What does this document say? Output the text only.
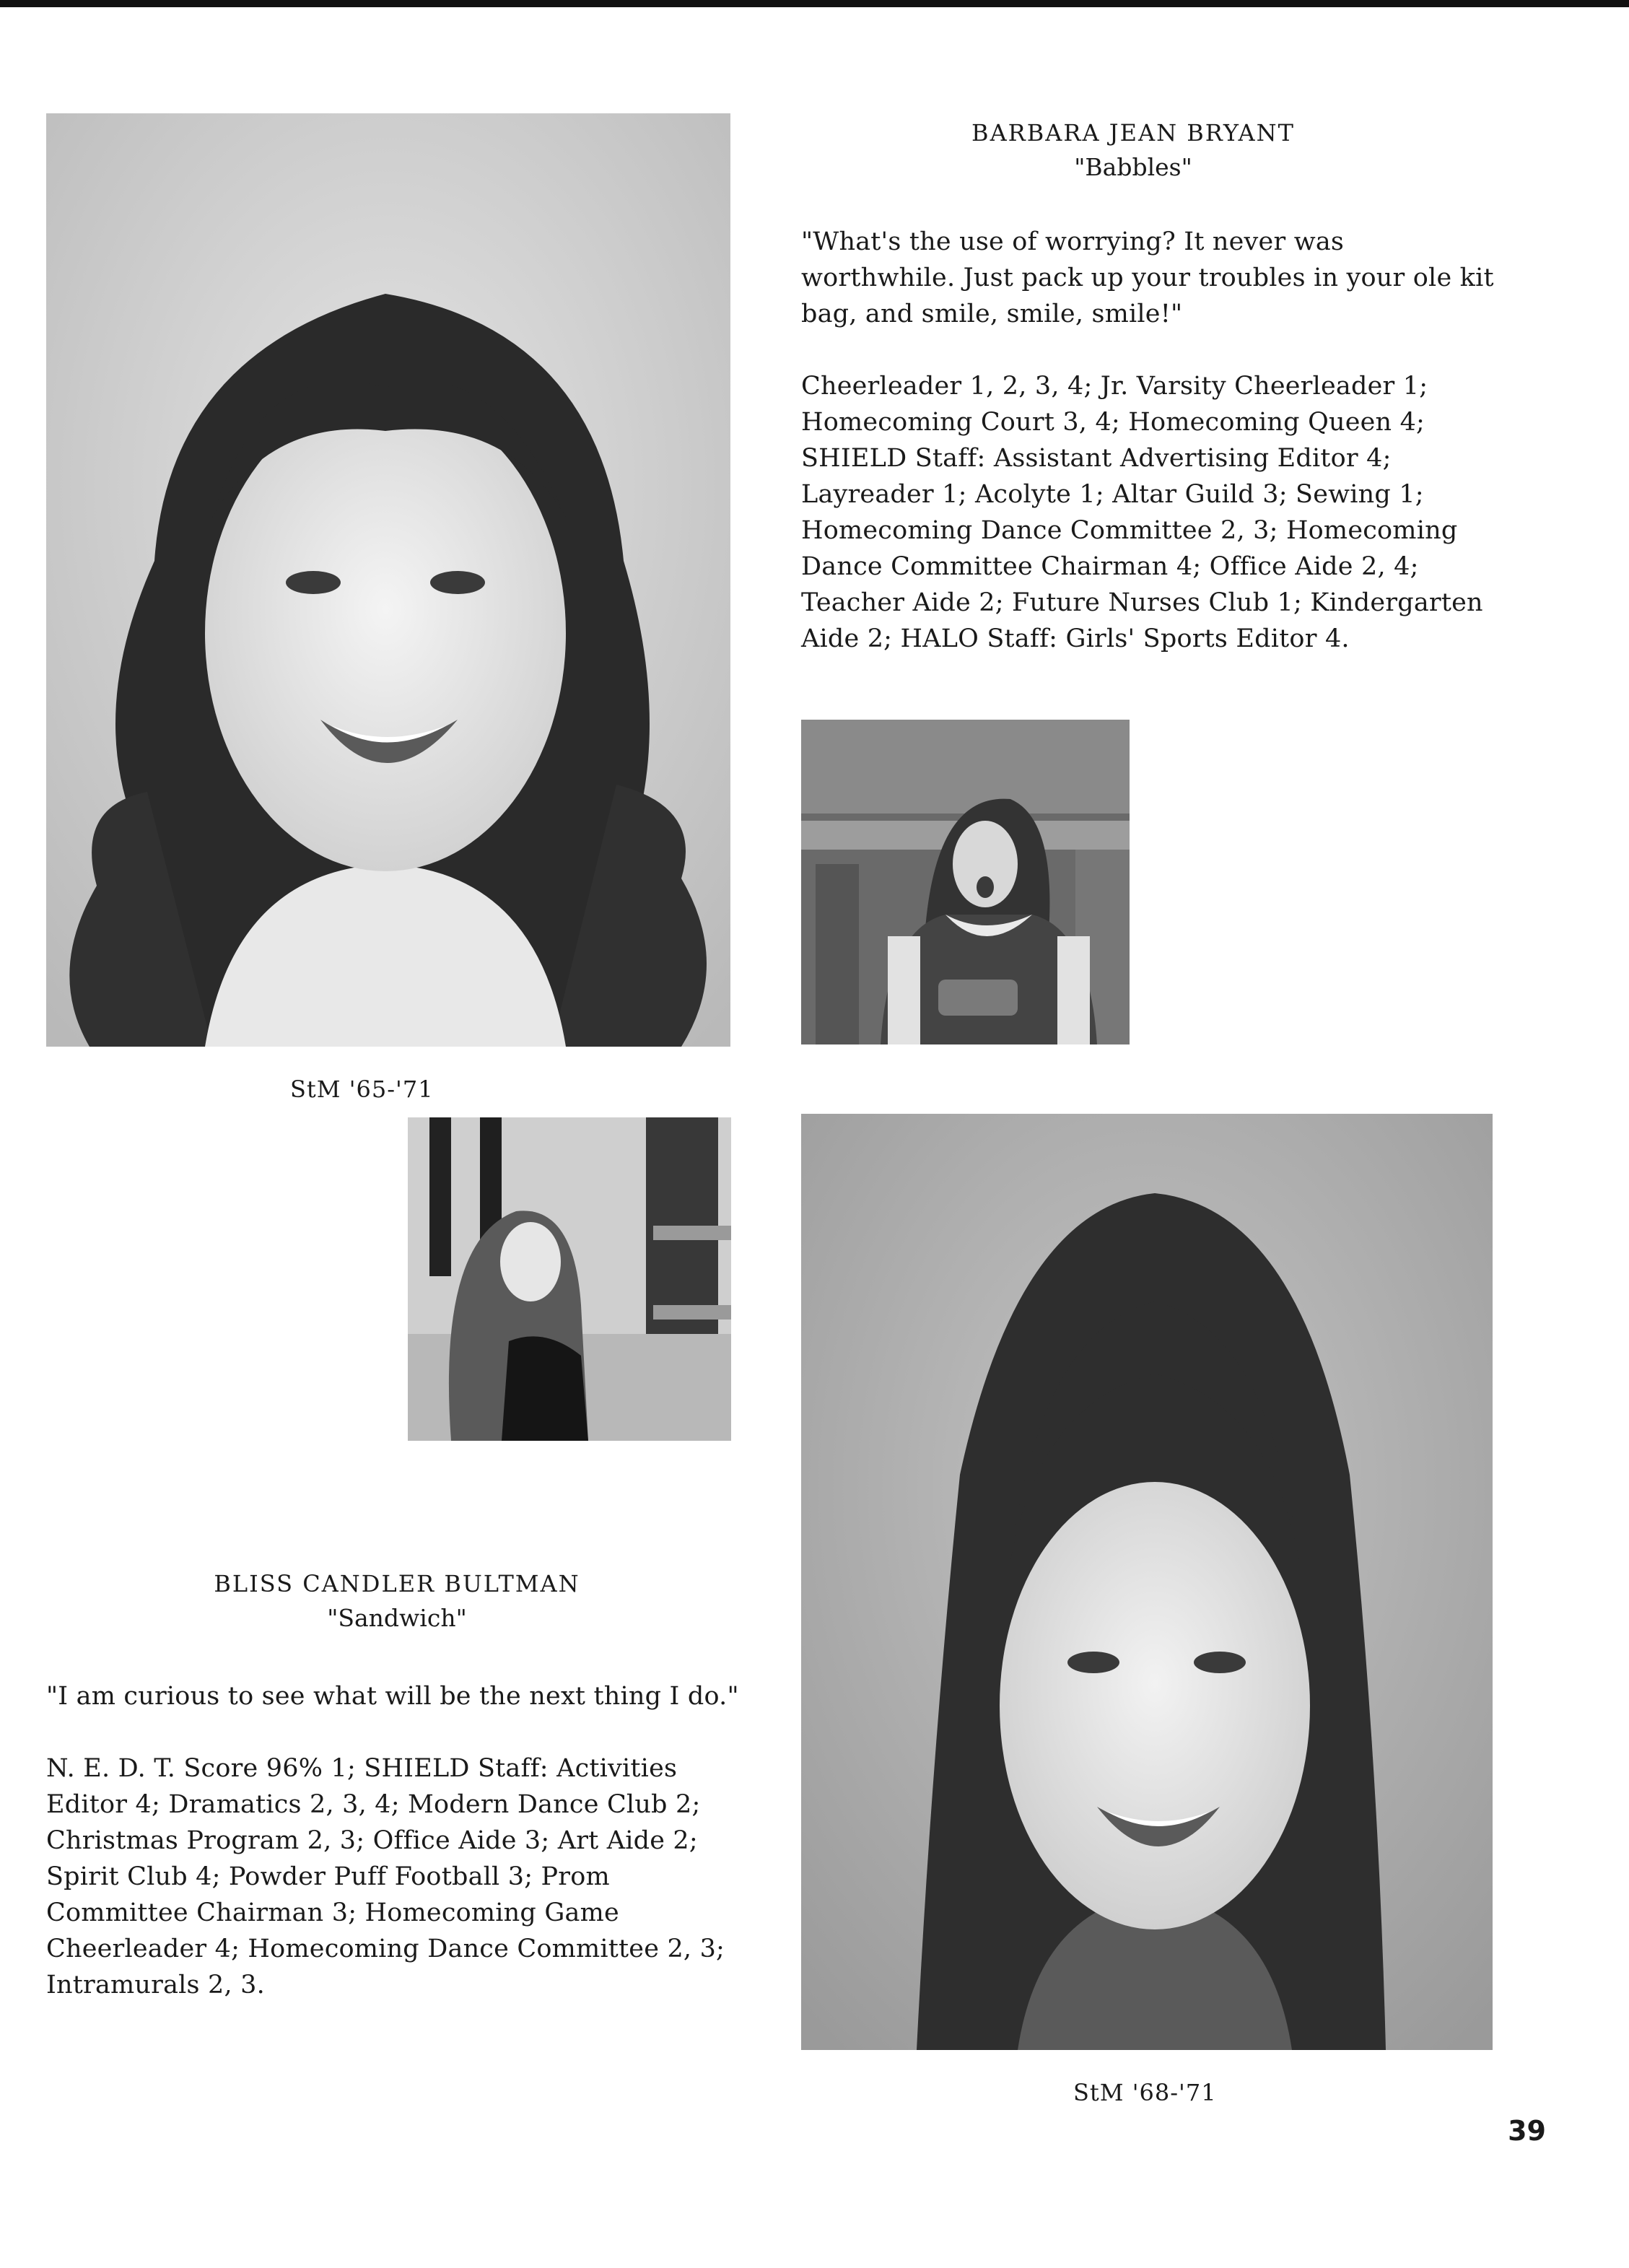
BARBARA JEAN BRYANT
"Babbles"
"What's the use of worrying? It never was worthwhile. Just pack up your troubles in your ole kit bag, and smile, smile, smile!"
Cheerleader 1, 2, 3, 4; Jr. Varsity Cheerleader 1; Homecoming Court 3, 4; Homecoming Queen 4; SHIELD Staff: Assistant Advertising Editor 4; Layreader 1; Acolyte 1; Altar Guild 3; Sewing 1; Homecoming Dance Committee 2, 3; Homecoming Dance Committee Chairman 4; Office Aide 2, 4; Teacher Aide 2; Future Nurses Club 1; Kindergarten Aide 2; HALO Staff: Girls' Sports Editor 4.
StM '65-'71
BLISS CANDLER BULTMAN
"Sandwich"
"I am curious to see what will be the next thing I do."
N. E. D. T. Score 96% 1; SHIELD Staff: Activities Editor 4; Dramatics 2, 3, 4; Modern Dance Club 2; Christmas Program 2, 3; Office Aide 3; Art Aide 2; Spirit Club 4; Powder Puff Football 3; Prom Committee Chairman 3; Homecoming Game Cheerleader 4; Homecoming Dance Committee 2, 3; Intramurals 2, 3.
StM '68-'71
39
